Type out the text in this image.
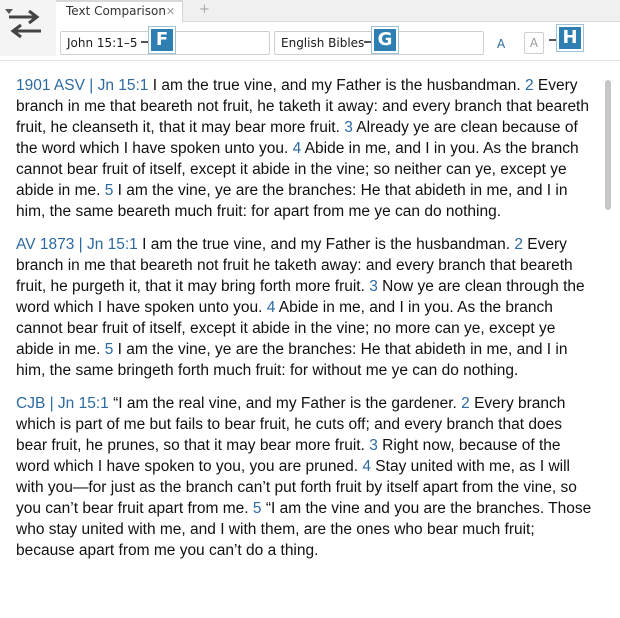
Text Comparison ✕ +
John 15:1–5	English Bibles
F	G	H
A	A

1901 ASV | Jn 15:1 I am the true vine, and my Father is the husbandman. 2 Every branch in me that beareth not fruit, he taketh it away: and every branch that beareth fruit, he cleanseth it, that it may bear more fruit. 3 Already ye are clean because of the word which I have spoken unto you. 4 Abide in me, and I in you. As the branch cannot bear fruit of itself, except it abide in the vine; so neither can ye, except ye abide in me. 5 I am the vine, ye are the branches: He that abideth in me, and I in him, the same beareth much fruit: for apart from me ye can do nothing.

AV 1873 | Jn 15:1 I am the true vine, and my Father is the husbandman. 2 Every branch in me that beareth not fruit he taketh away: and every branch that beareth fruit, he purgeth it, that it may bring forth more fruit. 3 Now ye are clean through the word which I have spoken unto you. 4 Abide in me, and I in you. As the branch cannot bear fruit of itself, except it abide in the vine; no more can ye, except ye abide in me. 5 I am the vine, ye are the branches: He that abideth in me, and I in him, the same bringeth forth much fruit: for without me ye can do nothing.

CJB | Jn 15:1 “I am the real vine, and my Father is the gardener. 2 Every branch which is part of me but fails to bear fruit, he cuts off; and every branch that does bear fruit, he prunes, so that it may bear more fruit. 3 Right now, because of the word which I have spoken to you, you are pruned. 4 Stay united with me, as I will with you—for just as the branch can’t put forth fruit by itself apart from the vine, so you can’t bear fruit apart from me. 5 “I am the vine and you are the branches. Those who stay united with me, and I with them, are the ones who bear much fruit; because apart from me you can’t do a thing.
